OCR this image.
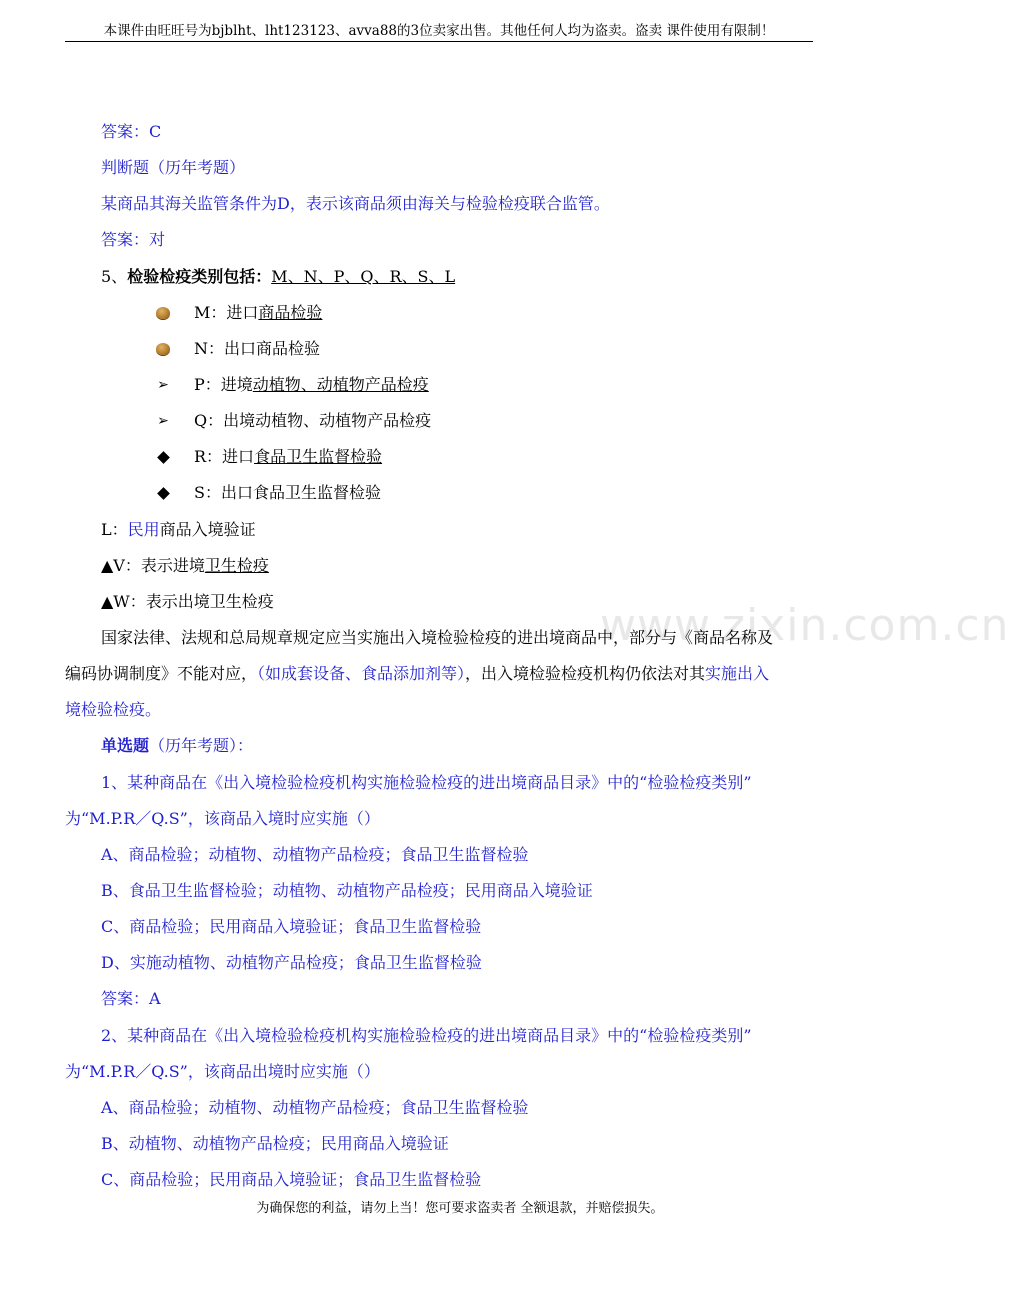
本课件由旺旺号为bjblht、lht123123、avva88的3位卖家出售。其他任何人均为盗卖。盗卖 课件使用有限制！
www.zixin.com.cn
答案：C
判断题（历年考题）
某商品其海关监管条件为D，表示该商品须由海关与检验检疫联合监管。
答案：对
5、检验检疫类别包括：M、N、P、Q、R、S、L
M：进口商品检验
N：出口商品检验
➢ P：进境动植物、动植物产品检疫
➢ Q：出境动植物、动植物产品检疫
R：进口食品卫生监督检验
S：出口食品卫生监督检验
L：民用商品入境验证
▲V：表示进境卫生检疫
▲W：表示出境卫生检疫
国家法律、法规和总局规章规定应当实施出入境检验检疫的进出境商品中，部分与《商品名称及
编码协调制度》不能对应，（如成套设备、食品添加剂等），出入境检验检疫机构仍依法对其实施出入
境检验检疫。
单选题（历年考题）：
1、某种商品在《出入境检验检疫机构实施检验检疫的进出境商品目录》中的“检验检疫类别”
为“M.P.R／Q.S”，该商品入境时应实施（）
A、商品检验；动植物、动植物产品检疫；食品卫生监督检验
B、食品卫生监督检验；动植物、动植物产品检疫；民用商品入境验证
C、商品检验；民用商品入境验证；食品卫生监督检验
D、实施动植物、动植物产品检疫；食品卫生监督检验
答案：A
2、某种商品在《出入境检验检疫机构实施检验检疫的进出境商品目录》中的“检验检疫类别”
为“M.P.R／Q.S”，该商品出境时应实施（）
A、商品检验；动植物、动植物产品检疫；食品卫生监督检验
B、动植物、动植物产品检疫；民用商品入境验证
C、商品检验；民用商品入境验证；食品卫生监督检验
为确保您的利益，请勿上当！您可要求盗卖者 全额退款，并赔偿损失。
